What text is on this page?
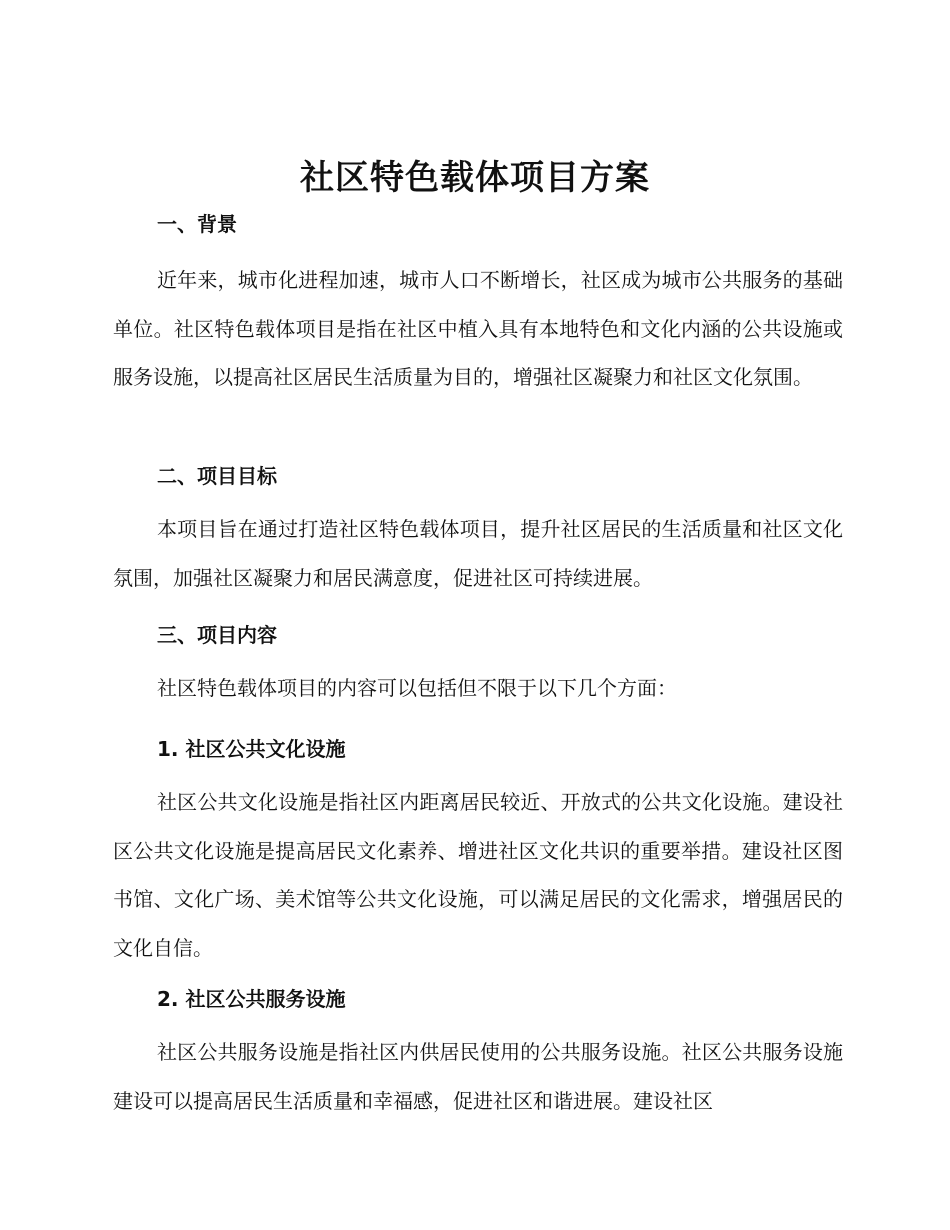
社区特色载体项目方案
一、背景

近年来，城市化进程加速，城市人口不断增长，社区成为城市公共服务的基础单位。社区特色载体项目是指在社区中植入具有本地特色和文化内涵的公共设施或服务设施，以提高社区居民生活质量为目的，增强社区凝聚力和社区文化氛围。

二、项目目标

本项目旨在通过打造社区特色载体项目，提升社区居民的生活质量和社区文化氛围，加强社区凝聚力和居民满意度，促进社区可持续进展。

三、项目内容

社区特色载体项目的内容可以包括但不限于以下几个方面：

1. 社区公共文化设施

社区公共文化设施是指社区内距离居民较近、开放式的公共文化设施。建设社区公共文化设施是提高居民文化素养、增进社区文化共识的重要举措。建设社区图书馆、文化广场、美术馆等公共文化设施，可以满足居民的文化需求，增强居民的文化自信。

2. 社区公共服务设施

社区公共服务设施是指社区内供居民使用的公共服务设施。社区公共服务设施建设可以提高居民生活质量和幸福感，促进社区和谐进展。建设社区
